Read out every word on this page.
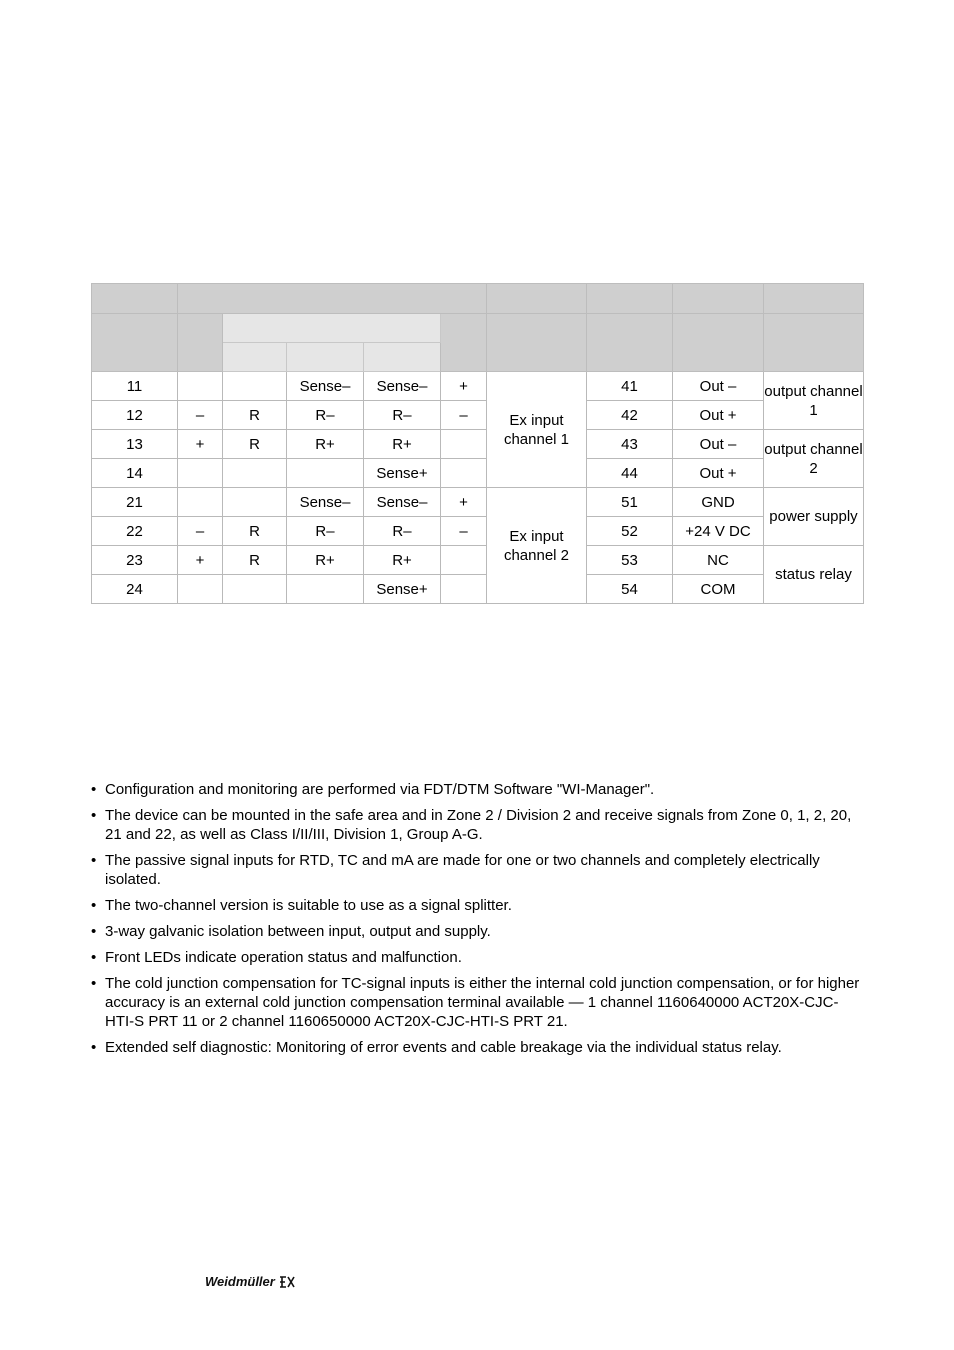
11			Sense–	Sense–	+	Ex input channel 1	41	Out –	output channel 1
12	–	R	R–	R–	–		42	Out +	
13	+	R	R+	R+			43	Out –	output channel 2
14				Sense+			44	Out +	
21			Sense–	Sense–	+	Ex input channel 2	51	GND	power supply
22	–	R	R–	R–	–		52	+24 V DC	
23	+	R	R+	R+			53	NC	status relay
24				Sense+			54	COM	
• Configuration and monitoring are performed via FDT/DTM Software "WI-Manager".
• The device can be mounted in the safe area and in Zone 2 / Division 2 and receive signals from Zone 0, 1, 2, 20, 21 and 22, as well as Class I/II/III, Division 1, Group A-G.
• The passive signal inputs for RTD, TC and mA are made for one or two channels and completely electrically isolated.
• The two-channel version is suitable to use as a signal splitter.
• 3-way galvanic isolation between input, output and supply.
• Front LEDs indicate operation status and malfunction.
• The cold junction compensation for TC-signal inputs is either the internal cold junction compensation, or for higher accuracy is an external cold junction compensation terminal available — 1 channel 1160640000 ACT20X-CJC-HTI-S PRT 11 or 2 channel 1160650000 ACT20X-CJC-HTI-S PRT 21.
• Extended self diagnostic: Monitoring of error events and cable breakage via the individual status relay.
Weidmüller
